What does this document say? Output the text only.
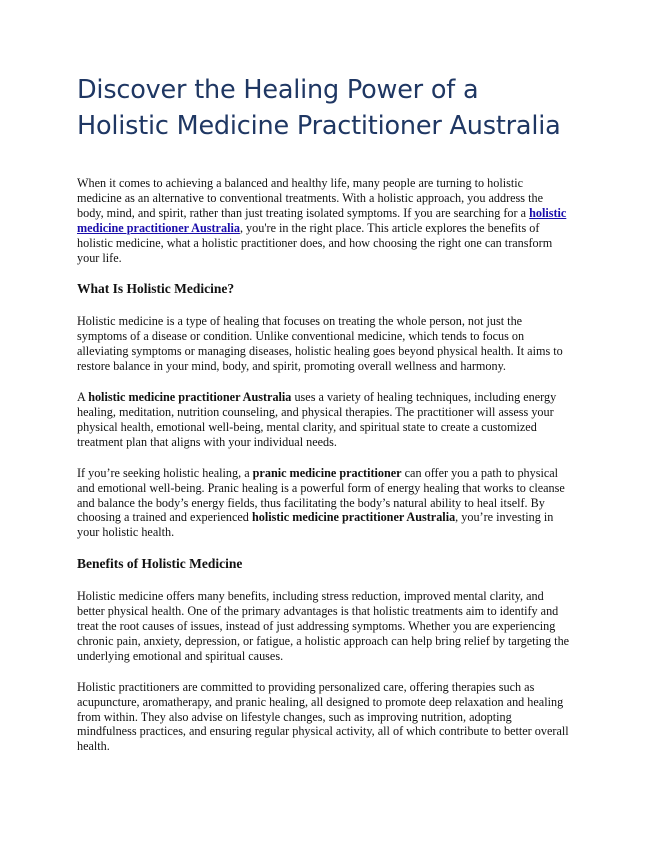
Discover the Healing Power of a Holistic Medicine Practitioner Australia

When it comes to achieving a balanced and healthy life, many people are turning to holistic medicine as an alternative to conventional treatments. With a holistic approach, you address the body, mind, and spirit, rather than just treating isolated symptoms. If you are searching for a holistic medicine practitioner Australia, you're in the right place. This article explores the benefits of holistic medicine, what a holistic practitioner does, and how choosing the right one can transform your life.

What Is Holistic Medicine?

Holistic medicine is a type of healing that focuses on treating the whole person, not just the symptoms of a disease or condition. Unlike conventional medicine, which tends to focus on alleviating symptoms or managing diseases, holistic healing goes beyond physical health. It aims to restore balance in your mind, body, and spirit, promoting overall wellness and harmony.

A holistic medicine practitioner Australia uses a variety of healing techniques, including energy healing, meditation, nutrition counseling, and physical therapies. The practitioner will assess your physical health, emotional well-being, mental clarity, and spiritual state to create a customized treatment plan that aligns with your individual needs.

If you’re seeking holistic healing, a pranic medicine practitioner can offer you a path to physical and emotional well-being. Pranic healing is a powerful form of energy healing that works to cleanse and balance the body’s energy fields, thus facilitating the body’s natural ability to heal itself. By choosing a trained and experienced holistic medicine practitioner Australia, you’re investing in your holistic health.

Benefits of Holistic Medicine

Holistic medicine offers many benefits, including stress reduction, improved mental clarity, and better physical health. One of the primary advantages is that holistic treatments aim to identify and treat the root causes of issues, instead of just addressing symptoms. Whether you are experiencing chronic pain, anxiety, depression, or fatigue, a holistic approach can help bring relief by targeting the underlying emotional and spiritual causes.

Holistic practitioners are committed to providing personalized care, offering therapies such as acupuncture, aromatherapy, and pranic healing, all designed to promote deep relaxation and healing from within. They also advise on lifestyle changes, such as improving nutrition, adopting mindfulness practices, and ensuring regular physical activity, all of which contribute to better overall health.
